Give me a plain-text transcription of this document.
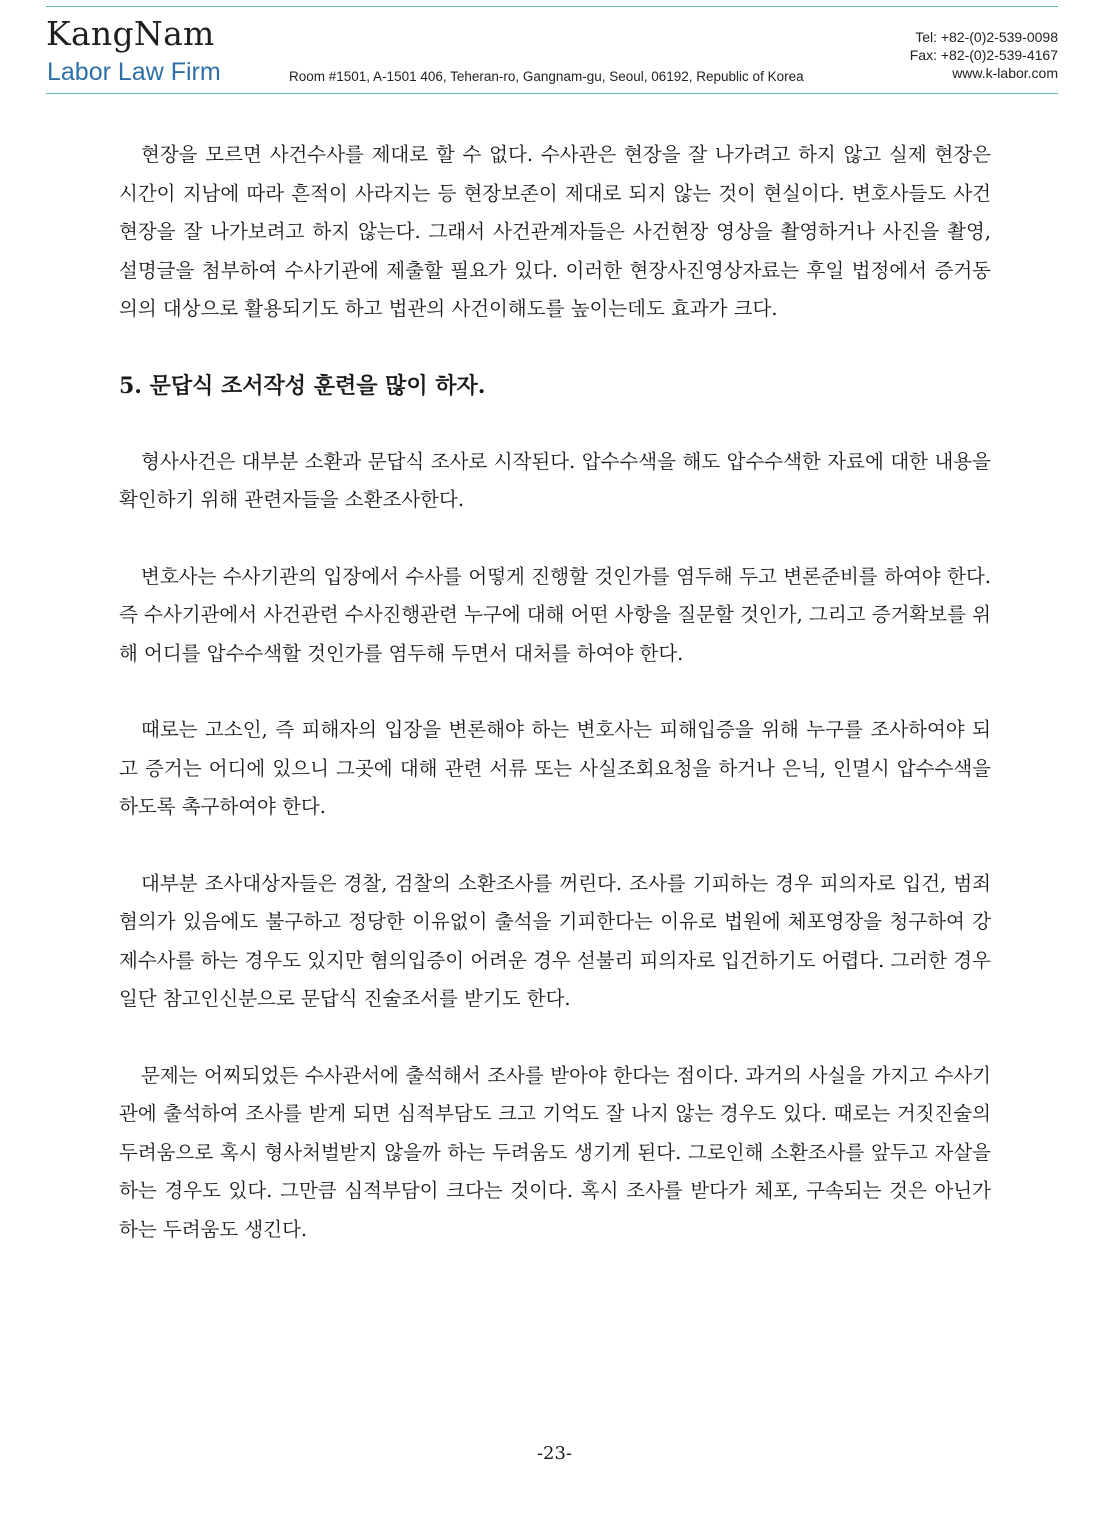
KangNam
Labor Law Firm	Room #1501, A-1501 406, Teheran-ro, Gangnam-gu, Seoul, 06192, Republic of Korea
Tel: +82-(0)2-539-0098
Fax: +82-(0)2-539-4167
www.k-labor.com

현장을 모르면 사건수사를 제대로 할 수 없다. 수사관은 현장을 잘 나가려고 하지 않고 실제 현장은 시간이 지남에 따라 흔적이 사라지는 등 현장보존이 제대로 되지 않는 것이 현실이다. 변호사들도 사건현장을 잘 나가보려고 하지 않는다. 그래서 사건관계자들은 사건현장 영상을 촬영하거나 사진을 촬영, 설명글을 첨부하여 수사기관에 제출할 필요가 있다. 이러한 현장사진영상자료는 후일 법정에서 증거동의의 대상으로 활용되기도 하고 법관의 사건이해도를 높이는데도 효과가 크다.

5. 문답식 조서작성 훈련을 많이 하자.

형사사건은 대부분 소환과 문답식 조사로 시작된다. 압수수색을 해도 압수수색한 자료에 대한 내용을 확인하기 위해 관련자들을 소환조사한다.

변호사는 수사기관의 입장에서 수사를 어떻게 진행할 것인가를 염두해 두고 변론준비를 하여야 한다. 즉 수사기관에서 사건관련 수사진행관련 누구에 대해 어떤 사항을 질문할 것인가, 그리고 증거확보를 위해 어디를 압수수색할 것인가를 염두해 두면서 대처를 하여야 한다.

때로는 고소인, 즉 피해자의 입장을 변론해야 하는 변호사는 피해입증을 위해 누구를 조사하여야 되고 증거는 어디에 있으니 그곳에 대해 관련 서류 또는 사실조회요청을 하거나 은닉, 인멸시 압수수색을 하도록 촉구하여야 한다.

대부분 조사대상자들은 경찰, 검찰의 소환조사를 꺼린다. 조사를 기피하는 경우 피의자로 입건, 범죄혐의가 있음에도 불구하고 정당한 이유없이 출석을 기피한다는 이유로 법원에 체포영장을 청구하여 강제수사를 하는 경우도 있지만 혐의입증이 어려운 경우 섣불리 피의자로 입건하기도 어렵다. 그러한 경우 일단 참고인신분으로 문답식 진술조서를 받기도 한다.

문제는 어찌되었든 수사관서에 출석해서 조사를 받아야 한다는 점이다. 과거의 사실을 가지고 수사기관에 출석하여 조사를 받게 되면 심적부담도 크고 기억도 잘 나지 않는 경우도 있다. 때로는 거짓진술의 두려움으로 혹시 형사처벌받지 않을까 하는 두려움도 생기게 된다. 그로인해 소환조사를 앞두고 자살을 하는 경우도 있다. 그만큼 심적부담이 크다는 것이다. 혹시 조사를 받다가 체포, 구속되는 것은 아닌가 하는 두려움도 생긴다.

-23-
